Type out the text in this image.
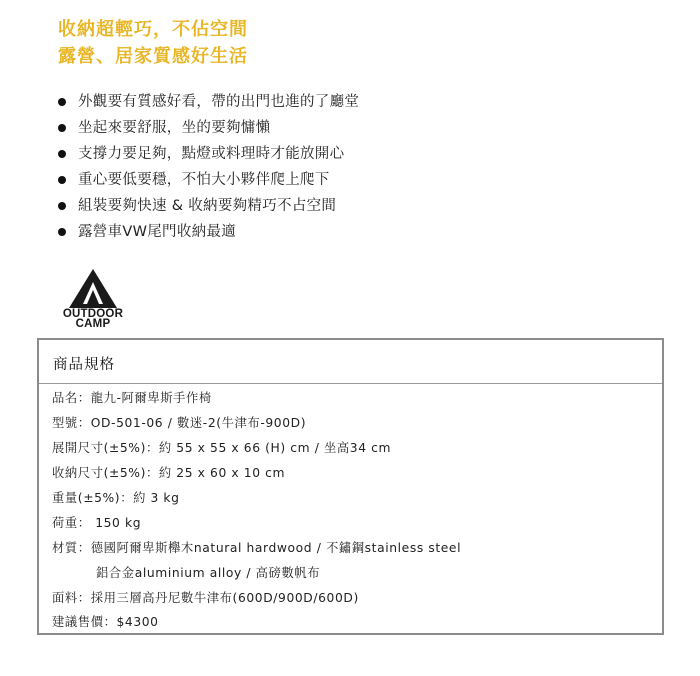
收納超輕巧，不佔空間
露營、居家質感好生活
外觀要有質感好看，帶的出門也進的了廳堂
坐起來要舒服，坐的要夠慵懶
支撐力要足夠，點燈或料理時才能放開心
重心要低要穩，不怕大小夥伴爬上爬下
組裝要夠快速 & 收納要夠精巧不占空間
露營車VW尾門收納最適
OUTDOOR
CAMP
商品規格
品名：龍九-阿爾卑斯手作椅
型號：OD-501-06 / 數迷-2(牛津布-900D)
展開尺寸(±5%)：約 55 x 55 x 66 (H) cm / 坐高34 cm
收納尺寸(±5%)：約 25 x 60 x 10 cm
重量(±5%)：約 3 kg
荷重： 150 kg
材質：德國阿爾卑斯櫸木natural hardwood / 不鏽鋼stainless steel
鋁合金aluminium alloy / 高磅數帆布
面料：採用三層高丹尼數牛津布(600D/900D/600D)
建議售價：$4300
